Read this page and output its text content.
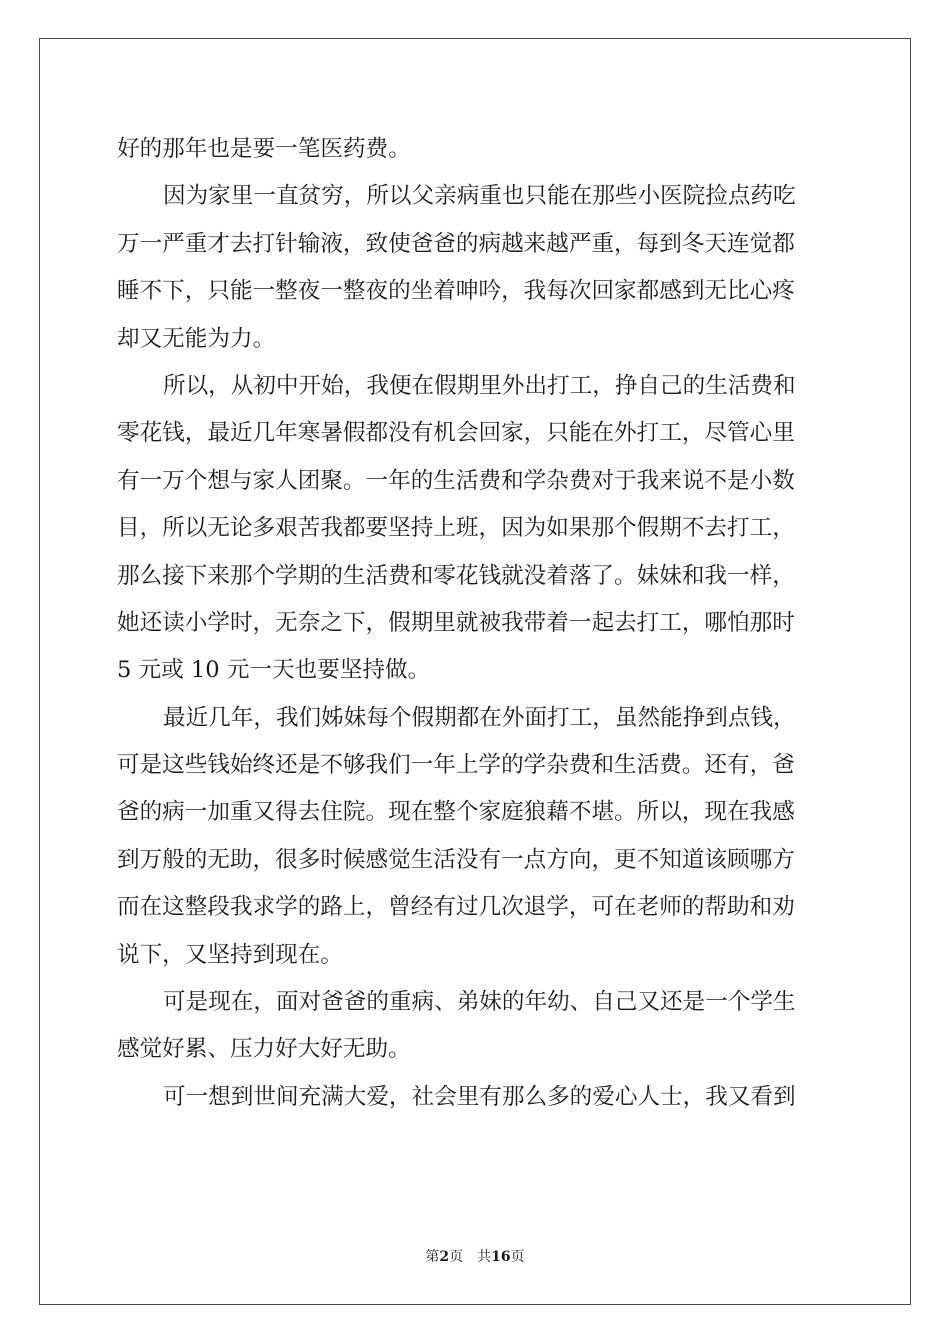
好的那年也是要一笔医药费。
因为家里一直贫穷，所以父亲病重也只能在那些小医院捡点药吃
万一严重才去打针输液，致使爸爸的病越来越严重，每到冬天连觉都
睡不下，只能一整夜一整夜的坐着呻吟，我每次回家都感到无比心疼
却又无能为力。
所以，从初中开始，我便在假期里外出打工，挣自己的生活费和
零花钱，最近几年寒暑假都没有机会回家，只能在外打工，尽管心里
有一万个想与家人团聚。一年的生活费和学杂费对于我来说不是小数
目，所以无论多艰苦我都要坚持上班，因为如果那个假期不去打工，
那么接下来那个学期的生活费和零花钱就没着落了。妹妹和我一样，
她还读小学时，无奈之下，假期里就被我带着一起去打工，哪怕那时
5 元或 10 元一天也要坚持做。
最近几年，我们姊妹每个假期都在外面打工，虽然能挣到点钱，
可是这些钱始终还是不够我们一年上学的学杂费和生活费。还有，爸
爸的病一加重又得去住院。现在整个家庭狼藉不堪。所以，现在我感
到万般的无助，很多时候感觉生活没有一点方向，更不知道该顾哪方
而在这整段我求学的路上，曾经有过几次退学，可在老师的帮助和劝
说下，又坚持到现在。
可是现在，面对爸爸的重病、弟妹的年幼、自己又还是一个学生
感觉好累、压力好大好无助。
可一想到世间充满大爱，社会里有那么多的爱心人士，我又看到
第2页 共16页
